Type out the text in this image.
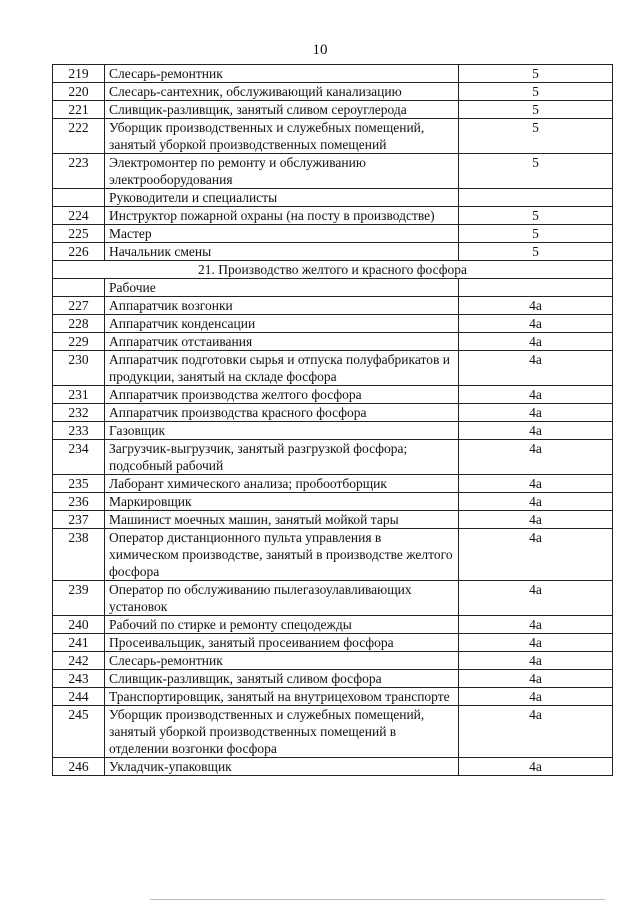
10
219	Слесарь-ремонтник	5
220	Слесарь-сантехник, обслуживающий канализацию	5
221	Сливщик-разливщик, занятый сливом сероуглерода	5
222	Уборщик производственных и служебных помещений, занятый уборкой производственных помещений	5
223	Электромонтер по ремонту и обслуживанию электрооборудования	5
	Руководители и специалисты	
224	Инструктор пожарной охраны (на посту в производстве)	5
225	Мастер	5
226	Начальник смены	5
21. Производство желтого и красного фосфора		
	Рабочие	
227	Аппаратчик возгонки	4а
228	Аппаратчик конденсации	4а
229	Аппаратчик отстаивания	4а
230	Аппаратчик подготовки сырья и отпуска полуфабрикатов и продукции, занятый на складе фосфора	4а
231	Аппаратчик производства желтого фосфора	4а
232	Аппаратчик производства красного фосфора	4а
233	Газовщик	4а
234	Загрузчик-выгрузчик, занятый разгрузкой фосфора; подсобный рабочий	4а
235	Лаборант химического анализа; пробоотборщик	4а
236	Маркировщик	4а
237	Машинист моечных машин, занятый мойкой тары	4а
238	Оператор дистанционного пульта управления в химическом производстве, занятый в производстве желтого фосфора	4а
239	Оператор по обслуживанию пылегазоулавливающих установок	4а
240	Рабочий по стирке и ремонту спецодежды	4а
241	Просеивальщик, занятый просеиванием фосфора	4а
242	Слесарь-ремонтник	4а
243	Сливщик-разливщик, занятый сливом фосфора	4а
244	Транспортировщик, занятый на внутрицеховом транспорте	4а
245	Уборщик производственных и служебных помещений, занятый уборкой производственных помещений в отделении возгонки фосфора	4а
246	Укладчик-упаковщик	4а
